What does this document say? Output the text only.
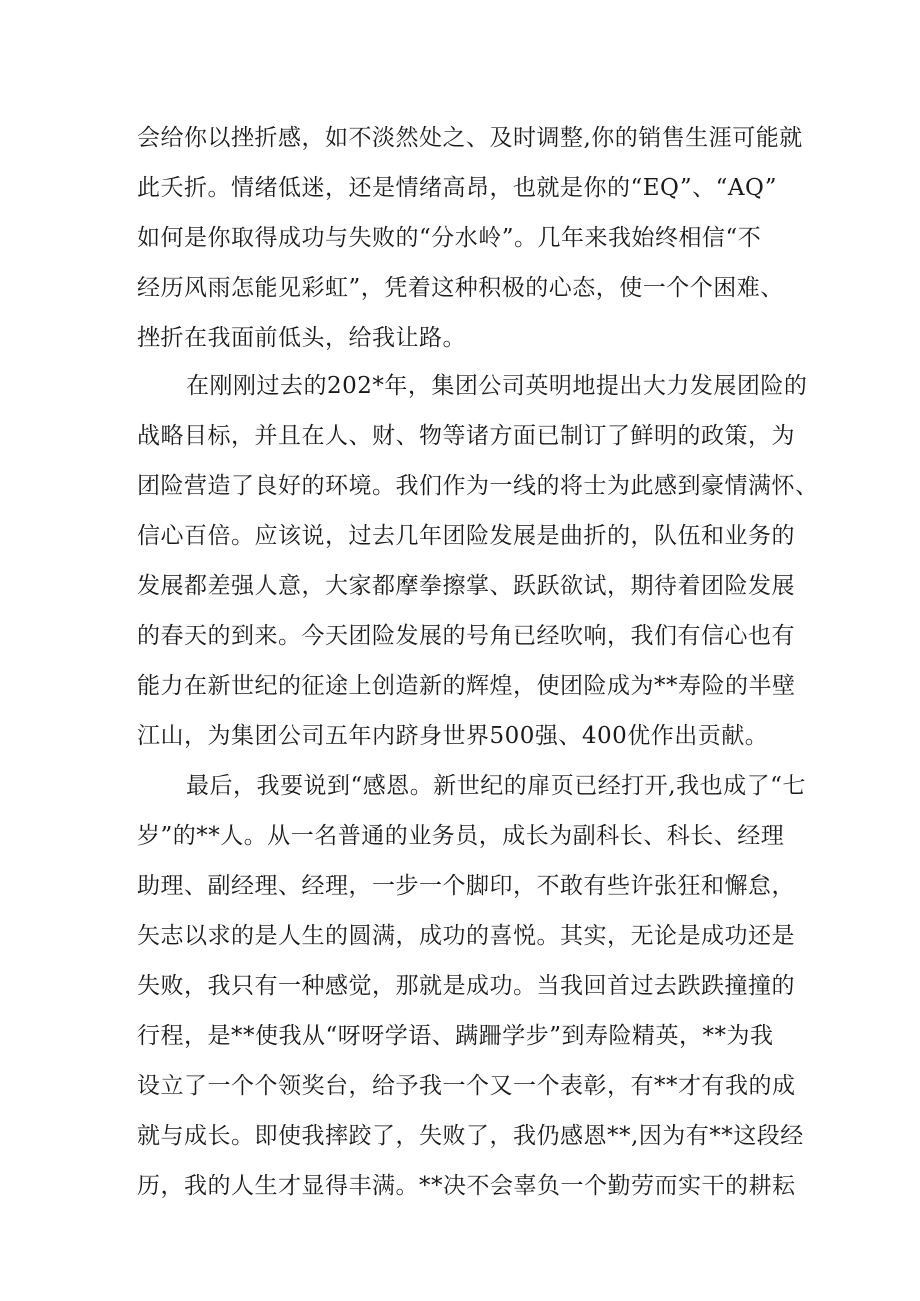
会给你以挫折感，如不淡然处之、及时调整,你的销售生涯可能就
此夭折。情绪低迷，还是情绪高昂，也就是你的“EQ”、“AQ”
如何是你取得成功与失败的“分水岭”。几年来我始终相信“不
经历风雨怎能见彩虹”，凭着这种积极的心态，使一个个困难、
挫折在我面前低头，给我让路。
在刚刚过去的202*年，集团公司英明地提出大力发展团险的
战略目标，并且在人、财、物等诸方面已制订了鲜明的政策，为
团险营造了良好的环境。我们作为一线的将士为此感到豪情满怀、
信心百倍。应该说，过去几年团险发展是曲折的，队伍和业务的
发展都差强人意，大家都摩拳擦掌、跃跃欲试，期待着团险发展
的春天的到来。今天团险发展的号角已经吹响，我们有信心也有
能力在新世纪的征途上创造新的辉煌，使团险成为**寿险的半壁
江山，为集团公司五年内跻身世界500强、400优作出贡献。
最后，我要说到“感恩。新世纪的扉页已经打开,我也成了“七
岁”的**人。从一名普通的业务员，成长为副科长、科长、经理
助理、副经理、经理，一步一个脚印，不敢有些许张狂和懈怠，
矢志以求的是人生的圆满，成功的喜悦。其实，无论是成功还是
失败，我只有一种感觉，那就是成功。当我回首过去跌跌撞撞的
行程，是**使我从“呀呀学语、蹒跚学步”到寿险精英，**为我
设立了一个个领奖台，给予我一个又一个表彰，有**才有我的成
就与成长。即使我摔跤了，失败了，我仍感恩**,因为有**这段经
历，我的人生才显得丰满。**决不会辜负一个勤劳而实干的耕耘
